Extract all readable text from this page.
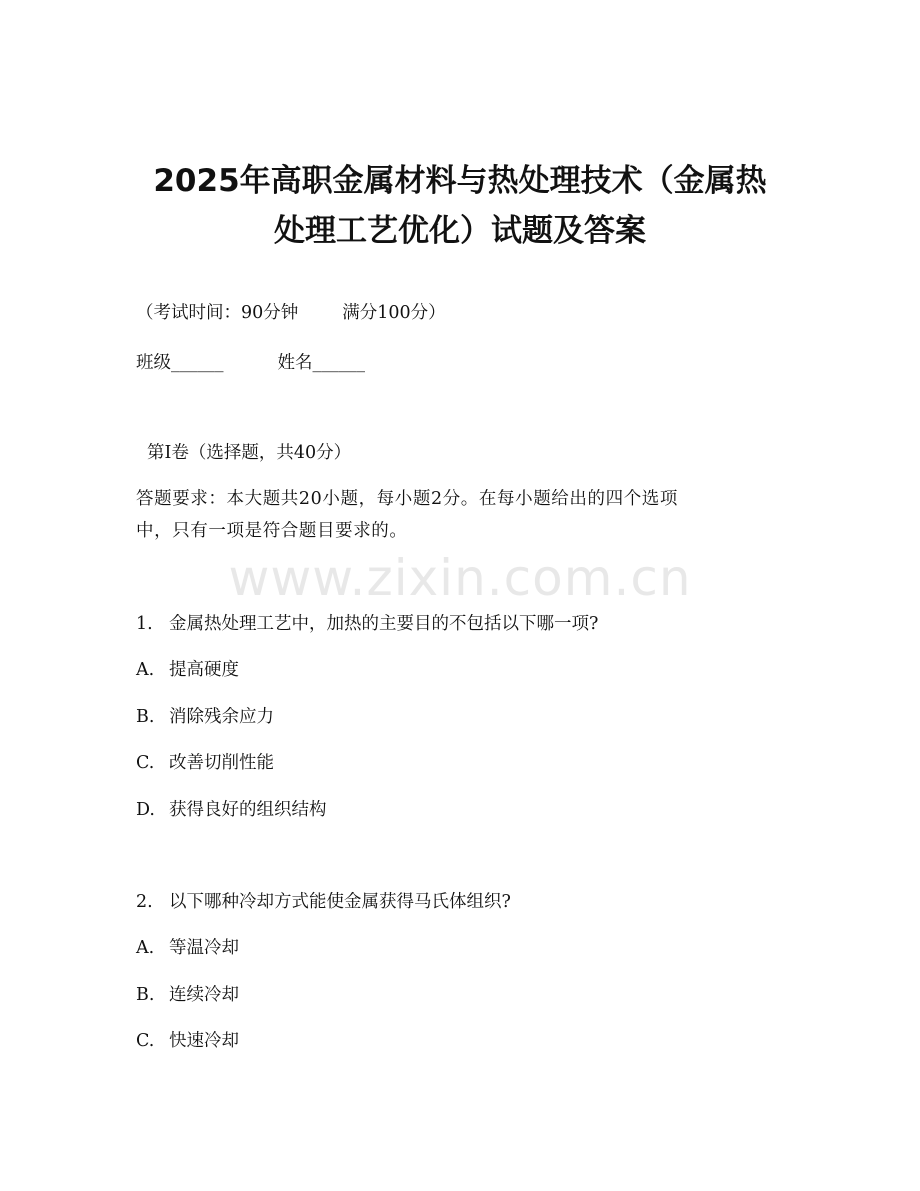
2025年高职金属材料与热处理技术（金属热
处理工艺优化）试题及答案

（考试时间：90分钟	满分100分）

班级______	姓名______

第Ⅰ卷（选择题，共40分）

答题要求：本大题共20小题，每小题2分。在每小题给出的四个选项

中，只有一项是符合题目要求的。

www.zixin.com.cn

1. 金属热处理工艺中，加热的主要目的不包括以下哪一项?

A. 提高硬度

B. 消除残余应力

C. 改善切削性能

D. 获得良好的组织结构

2. 以下哪种冷却方式能使金属获得马氏体组织?

A. 等温冷却

B. 连续冷却

C. 快速冷却
